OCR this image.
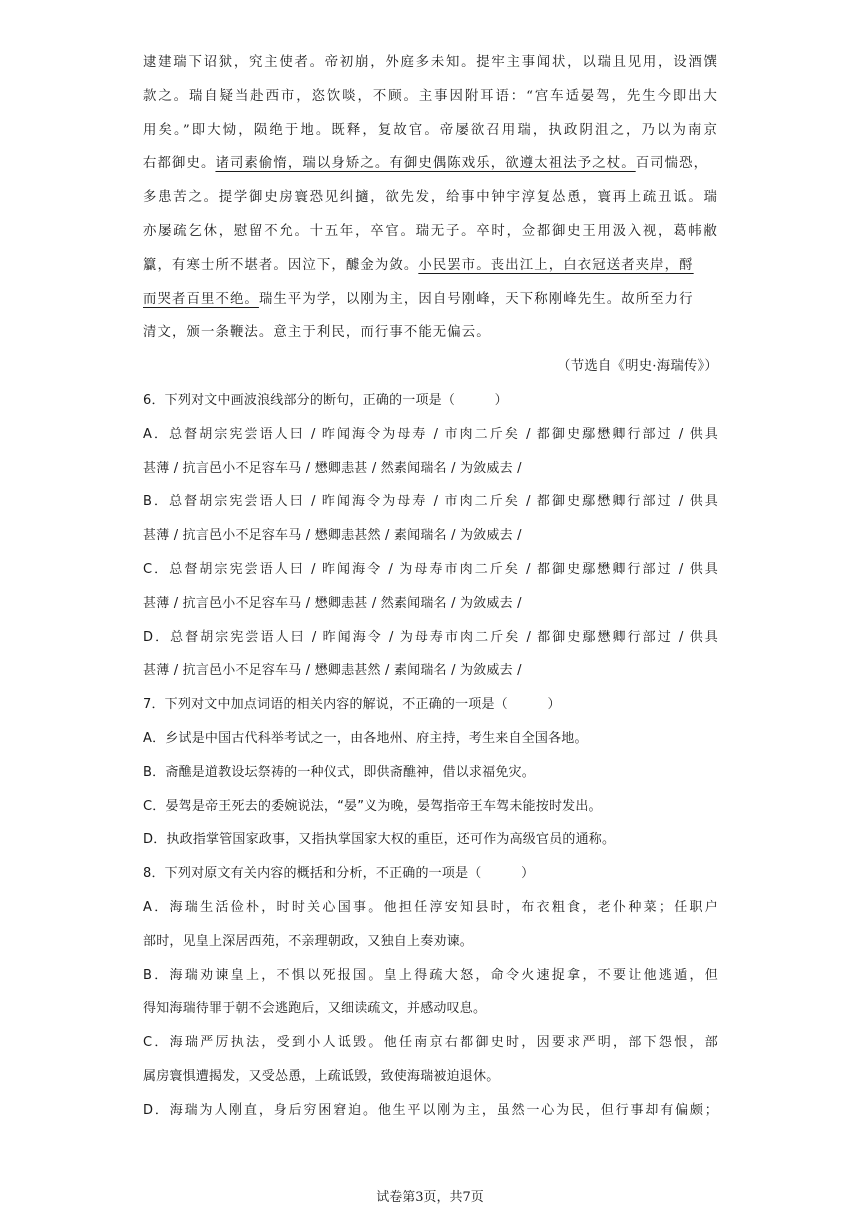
逮建瑞下诏狱，究主使者。帝初崩，外庭多未知。提牢主事闻状，以瑞且见用，设酒馔
款之。瑞自疑当赴西市，恣饮啖，不顾。主事因附耳语：“宫车适晏驾，先生今即出大
用矣。”即大恸，陨绝于地。既释，复故官。帝屡欲召用瑞，执政阴沮之，乃以为南京
右都御史。诸司素偷惰，瑞以身矫之。有御史偶陈戏乐，欲遵太祖法予之杖。百司惴恐，
多患苦之。提学御史房寰恐见纠擿，欲先发，给事中钟宇淳复怂恿，寰再上疏丑诋。瑞
亦屡疏乞休，慰留不允。十五年，卒官。瑞无子。卒时，佥都御史王用汲入视，葛帏敝
籯，有寒士所不堪者。因泣下，醵金为敛。小民罢市。丧出江上，白衣冠送者夹岸，酹
而哭者百里不绝。瑞生平为学，以刚为主，因自号刚峰，天下称刚峰先生。故所至力行
清文，颁一条鞭法。意主于利民，而行事不能无偏云。
（节选自《明史·海瑞传》）
6．下列对文中画波浪线部分的断句，正确的一项是（　　　）
A．总督胡宗宪尝语人曰 / 昨闻海令为母寿 / 市肉二斤矣 / 都御史鄢懋卿行部过 / 供具
甚薄 / 抗言邑小不足容车马 / 懋卿恚甚 / 然素闻瑞名 / 为敛威去 /
B．总督胡宗宪尝语人曰 / 昨闻海令为母寿 / 市肉二斤矣 / 都御史鄢懋卿行部过 / 供具
甚薄 / 抗言邑小不足容车马 / 懋卿恚甚然 / 素闻瑞名 / 为敛威去 /
C．总督胡宗宪尝语人曰 / 昨闻海令 / 为母寿市肉二斤矣 / 都御史鄢懋卿行部过 / 供具
甚薄 / 抗言邑小不足容车马 / 懋卿恚甚 / 然素闻瑞名 / 为敛威去 /
D．总督胡宗宪尝语人曰 / 昨闻海令 / 为母寿市肉二斤矣 / 都御史鄢懋卿行部过 / 供具
甚薄 / 抗言邑小不足容车马 / 懋卿恚甚然 / 素闻瑞名 / 为敛威去 /
7．下列对文中加点词语的相关内容的解说，不正确的一项是（　　　）
A．乡试是中国古代科举考试之一，由各地州、府主持，考生来自全国各地。
B．斋醮是道教设坛祭祷的一种仪式，即供斋醮神，借以求福免灾。
C．晏驾是帝王死去的委婉说法，“晏”义为晚，晏驾指帝王车驾未能按时发出。
D．执政指掌管国家政事，又指执掌国家大权的重臣，还可作为高级官员的通称。
8．下列对原文有关内容的概括和分析，不正确的一项是（　　　）
A．海瑞生活俭朴，时时关心国事。他担任淳安知县时，布衣粗食，老仆种菜；任职户
部时，见皇上深居西苑，不亲理朝政，又独自上奏劝谏。
B．海瑞劝谏皇上，不惧以死报国。皇上得疏大怒，命令火速捉拿，不要让他逃遁，但
得知海瑞待罪于朝不会逃跑后，又细读疏文，并感动叹息。
C．海瑞严厉执法，受到小人诋毁。他任南京右都御史时，因要求严明，部下怨恨，部
属房寰惧遭揭发，又受怂恿，上疏诋毁，致使海瑞被迫退休。
D．海瑞为人刚直，身后穷困窘迫。他生平以刚为主，虽然一心为民，但行事却有偏颇；
试卷第3页，共7页
